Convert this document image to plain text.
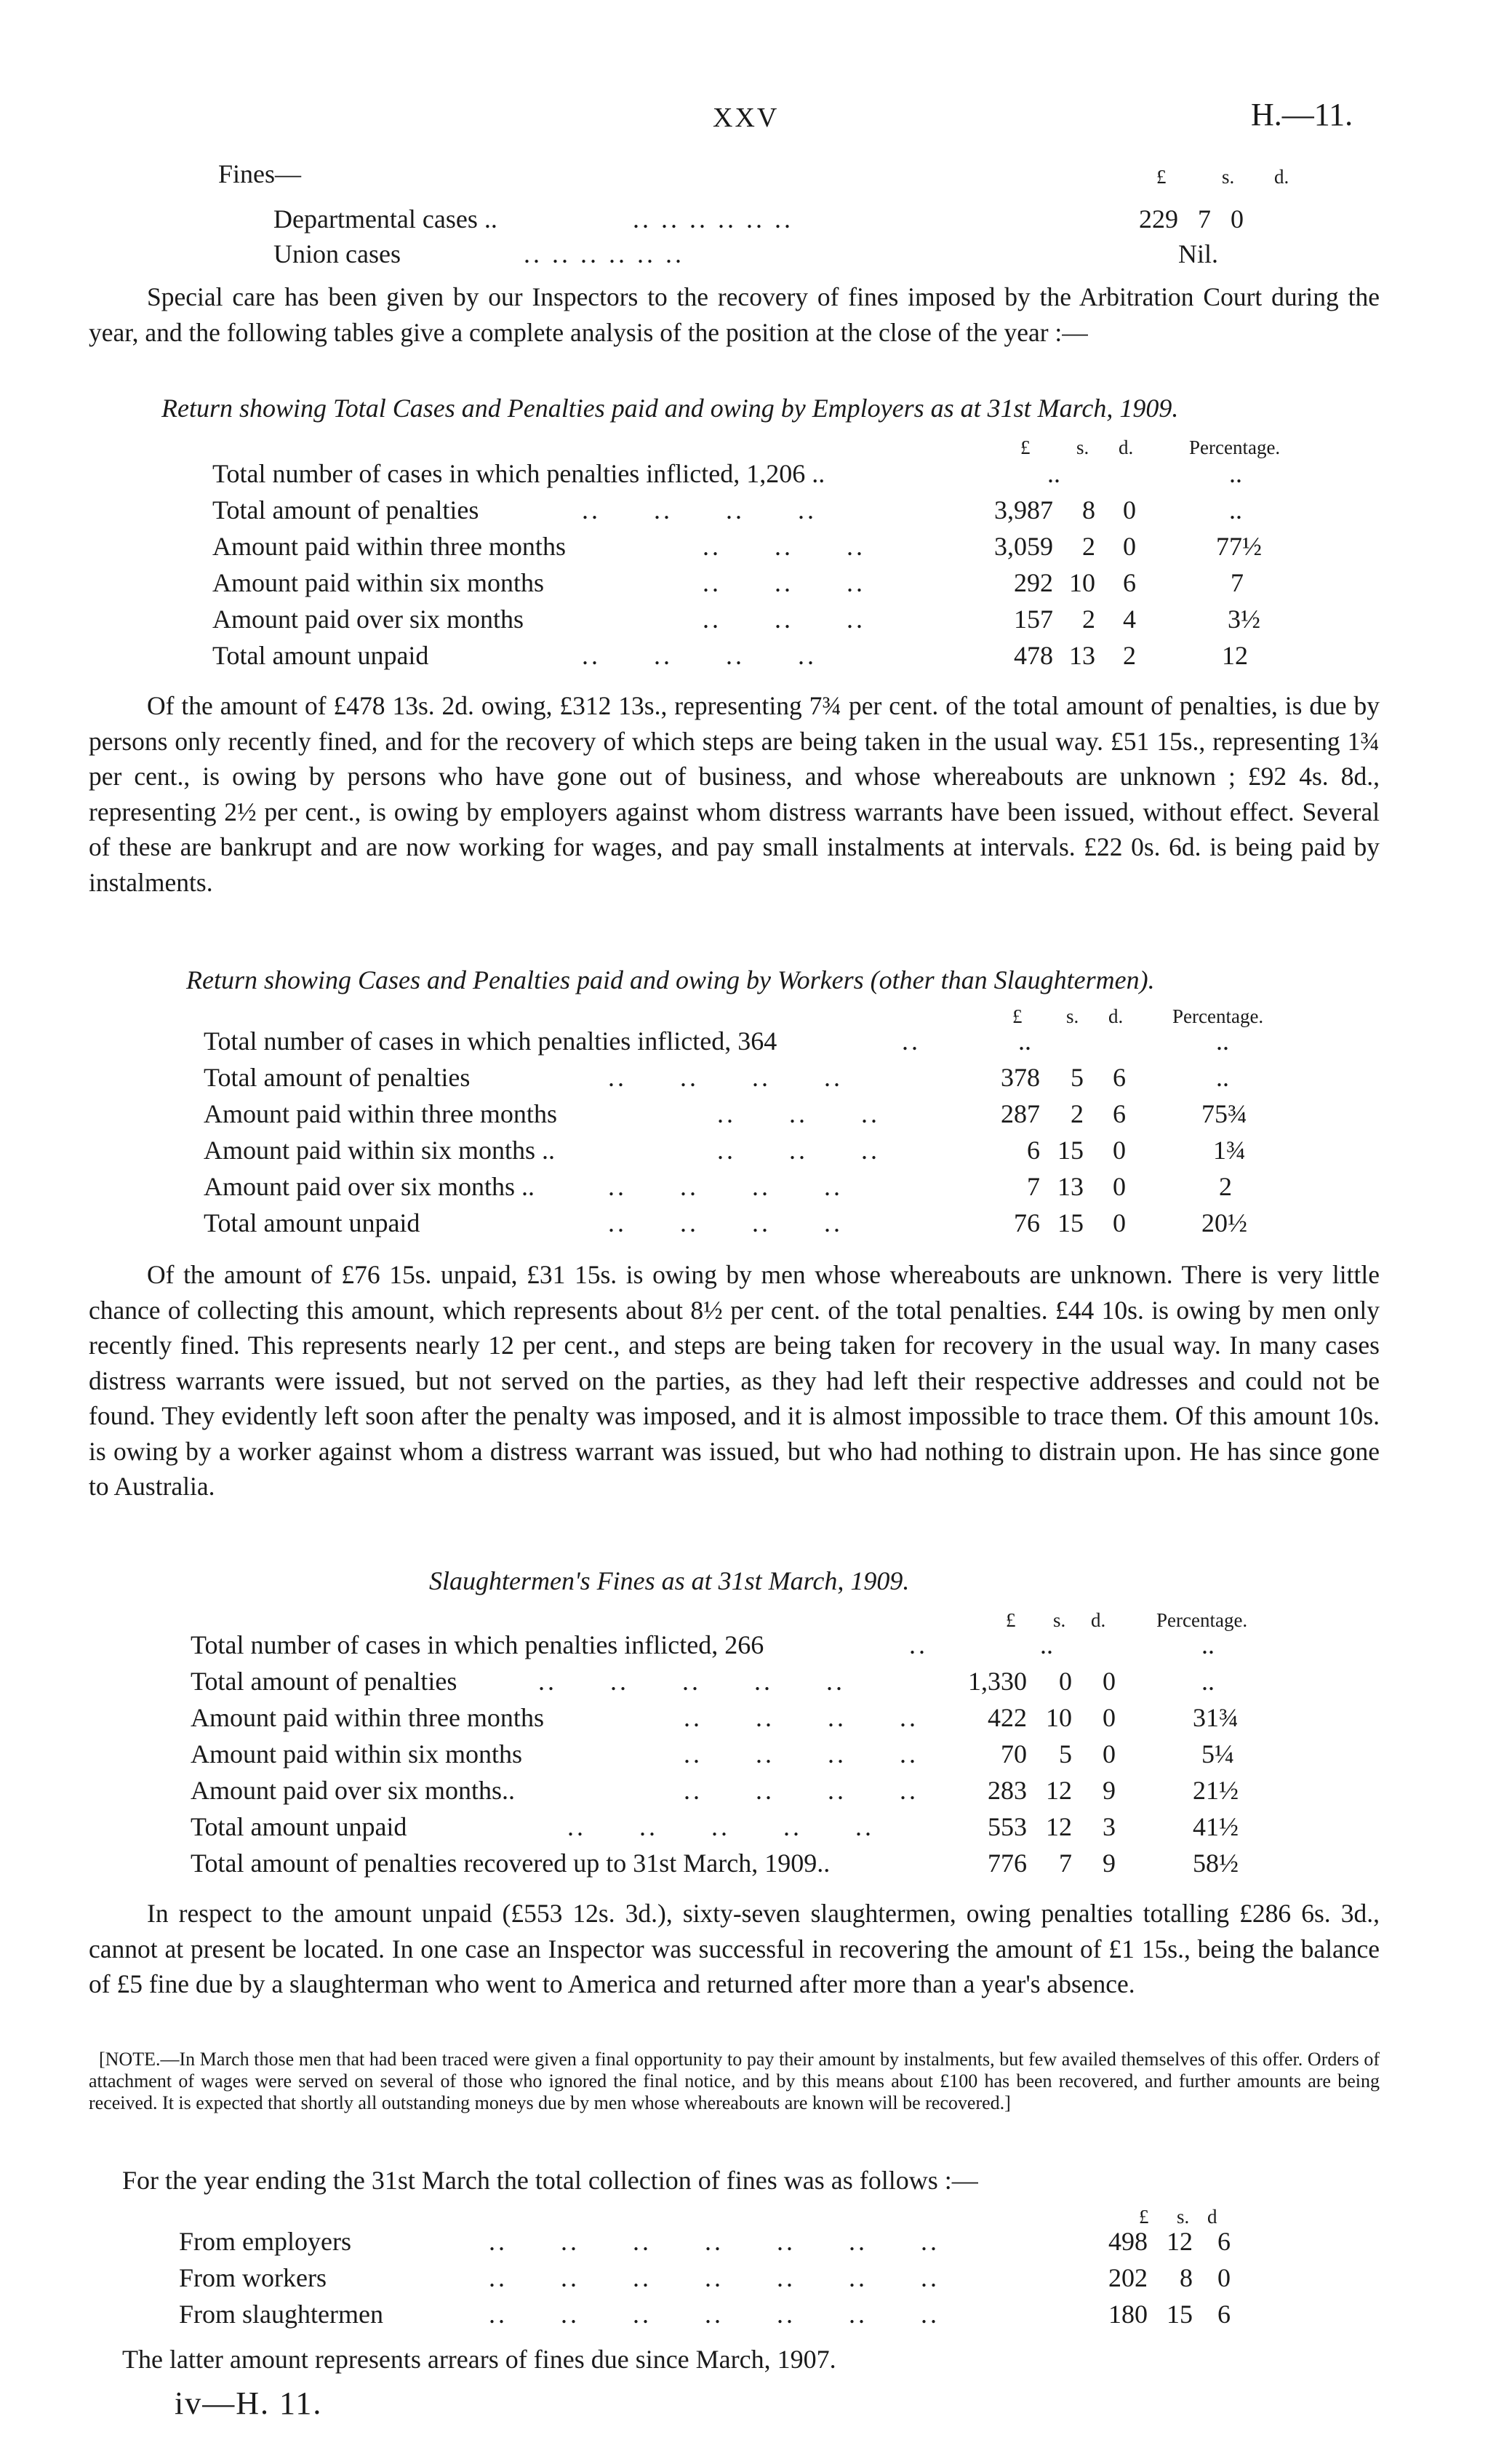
XXV	H.—11.
Fines—	£	s. d.
Departmental cases ..	.. .. .. .. .. ..	229 7 0
Union cases	.. .. .. .. .. ..	Nil.

Special care has been given by our Inspectors to the recovery of fines imposed by the Arbitration Court during the year, and the following tables give a complete analysis of the position at the close of the year :—

Return showing Total Cases and Penalties paid and owing by Employers as at 31st March, 1909.
£ s. d.	Percentage.
Total number of cases in which penalties inflicted, 1,206 ..	..	..
Total amount of penalties	.. .. .. ..	3,987	8	0	..
Amount paid within three months	.. .. ..	3,059	2	0	77½
Amount paid within six months	.. .. ..	292 10	6	7
Amount paid over six months	.. .. ..	157	2	4	3½
Total amount unpaid	.. .. .. ..	478 13	2	12

Of the amount of £478 13s. 2d. owing, £312 13s., representing 7¾ per cent. of the total amount of penalties, is due by persons only recently fined, and for the recovery of which steps are being taken in the usual way. £51 15s., representing 1¾ per cent., is owing by persons who have gone out of business, and whose whereabouts are unknown ; £92 4s. 8d., representing 2½ per cent., is owing by employers against whom distress warrants have been issued, without effect. Several of these are bankrupt and are now working for wages, and pay small instalments at intervals. £22 0s. 6d. is being paid by instalments.

Return showing Cases and Penalties paid and owing by Workers (other than Slaughtermen).
£ s. d.	Percentage.
Total number of cases in which penalties inflicted, 364	..	..	..
Total amount of penalties	.. .. .. ..	378	5	6	..
Amount paid within three months	.. .. ..	287	2	6	75¾
Amount paid within six months ..	.. .. ..	6 15	0	1¾
Amount paid over six months ..	.. .. .. ..	7 13	0	2
Total amount unpaid	.. .. .. ..	76 15	0	20½

Of the amount of £76 15s. unpaid, £31 15s. is owing by men whose whereabouts are unknown. There is very little chance of collecting this amount, which represents about 8½ per cent. of the total penalties. £44 10s. is owing by men only recently fined. This represents nearly 12 per cent., and steps are being taken for recovery in the usual way. In many cases distress warrants were issued, but not served on the parties, as they had left their respective addresses and could not be found. They evidently left soon after the penalty was imposed, and it is almost impossible to trace them. Of this amount 10s. is owing by a worker against whom a distress warrant was issued, but who had nothing to distrain upon. He has since gone to Australia.

Slaughtermen's Fines as at 31st March, 1909.
£ s. d.	Percentage.
Total number of cases in which penalties inflicted, 266	..	..	..
Total amount of penalties	.. .. .. .. ..	1,330	0	0	..
Amount paid within three months	.. .. .. ..	422 10	0	31¾
Amount paid within six months	.. .. .. ..	70	5	0	5¼
Amount paid over six months..	.. .. .. ..	283 12	9	21½
Total amount unpaid	.. .. .. .. ..	553 12	3	41½
Total amount of penalties recovered up to 31st March, 1909..	776	7	9	58½

In respect to the amount unpaid (£553 12s. 3d.), sixty-seven slaughtermen, owing penalties totalling £286 6s. 3d., cannot at present be located. In one case an Inspector was successful in recovering the amount of £1 15s., being the balance of £5 fine due by a slaughterman who went to America and returned after more than a year's absence.

[NOTE.—In March those men that had been traced were given a final opportunity to pay their amount by instalments, but few availed themselves of this offer. Orders of attachment of wages were served on several of those who ignored the final notice, and by this means about £100 has been recovered, and further amounts are being received. It is expected that shortly all outstanding moneys due by men whose whereabouts are known will be recovered.]

For the year ending the 31st March the total collection of fines was as follows :—
£ s. d
From employers	.. .. .. .. .. .. ..	498 12 6
From workers	.. .. .. .. .. .. ..	202	8 0
From slaughtermen	.. .. .. .. .. .. ..	180 15 6
The latter amount represents arrears of fines due since March, 1907.
iv—H. 11.
